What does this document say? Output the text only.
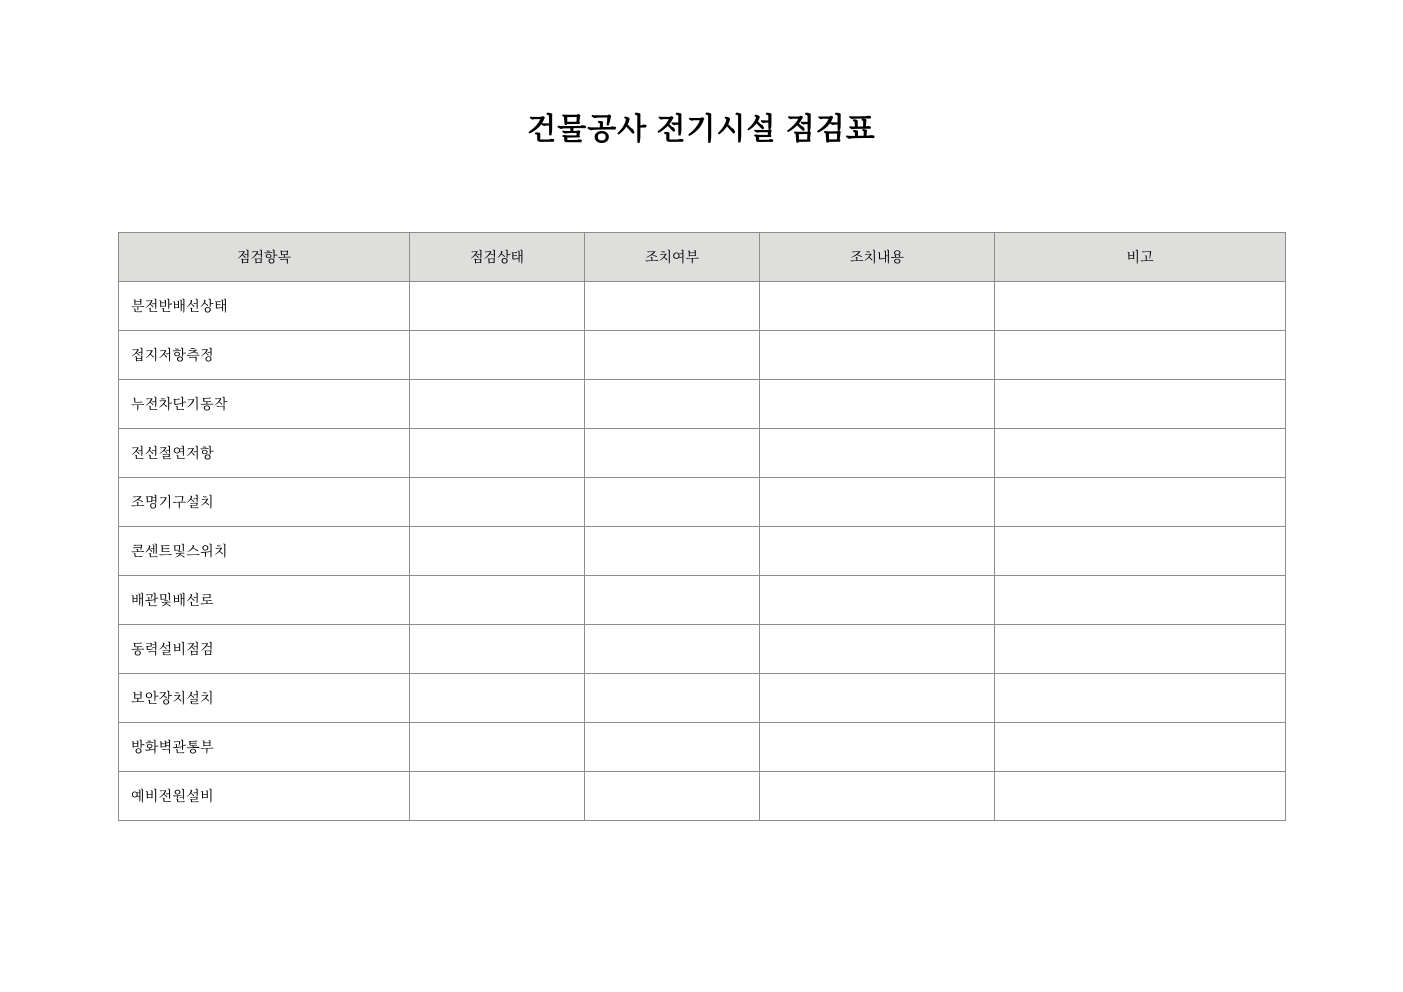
건물공사 전기시설 점검표
점검항목	점검상태	조치여부	조치내용	비고
분전반배선상태				
접지저항측정				
누전차단기동작				
전선절연저항				
조명기구설치				
콘센트및스위치				
배관및배선로				
동력설비점검				
보안장치설치				
방화벽관통부				
예비전원설비				
